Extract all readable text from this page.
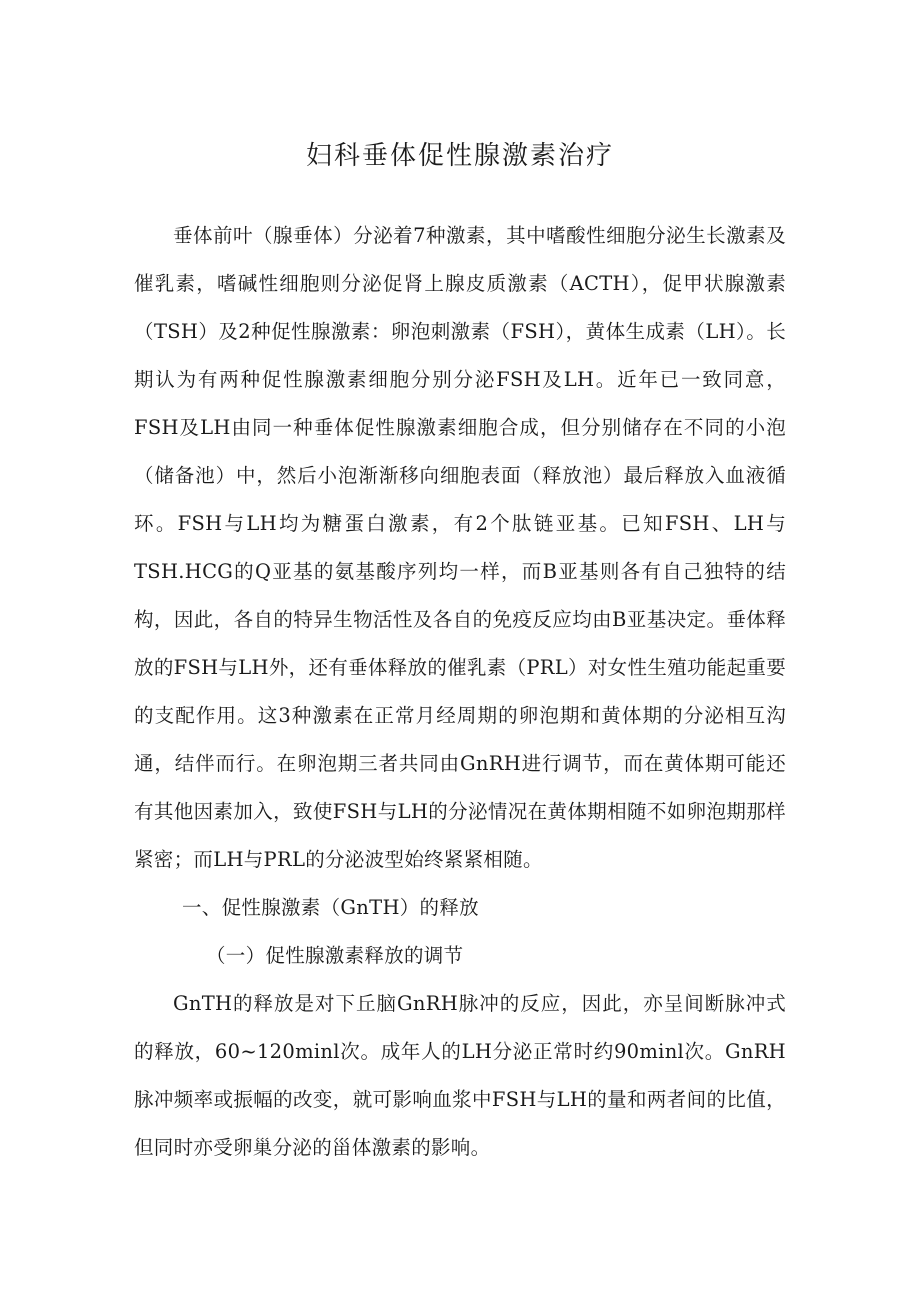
妇科垂体促性腺激素治疗

垂体前叶（腺垂体）分泌着7种激素，其中嗜酸性细胞分泌生长激素及催乳素，嗜碱性细胞则分泌促肾上腺皮质激素（ACTH），促甲状腺激素（TSH）及2种促性腺激素：卵泡刺激素（FSH），黄体生成素（LH）。长期认为有两种促性腺激素细胞分别分泌FSH及LH。近年已一致同意，FSH及LH由同一种垂体促性腺激素细胞合成，但分别储存在不同的小泡（储备池）中，然后小泡渐渐移向细胞表面（释放池）最后释放入血液循环。FSH与LH均为糖蛋白激素，有2个肽链亚基。已知FSH、LH与TSH.HCG的Q亚基的氨基酸序列均一样，而B亚基则各有自己独特的结构，因此，各自的特异生物活性及各自的免疫反应均由B亚基决定。垂体释放的FSH与LH外，还有垂体释放的催乳素（PRL）对女性生殖功能起重要的支配作用。这3种激素在正常月经周期的卵泡期和黄体期的分泌相互沟通，结伴而行。在卵泡期三者共同由GnRH进行调节，而在黄体期可能还有其他因素加入，致使FSH与LH的分泌情况在黄体期相随不如卵泡期那样紧密；而LH与PRL的分泌波型始终紧紧相随。

一、促性腺激素（GnTH）的释放

（一）促性腺激素释放的调节

GnTH的释放是对下丘脑GnRH脉冲的反应，因此，亦呈间断脉冲式的释放，60~120minl次。成年人的LH分泌正常时约90minl次。GnRH脉冲频率或振幅的改变，就可影响血浆中FSH与LH的量和两者间的比值，但同时亦受卵巢分泌的甾体激素的影响。
